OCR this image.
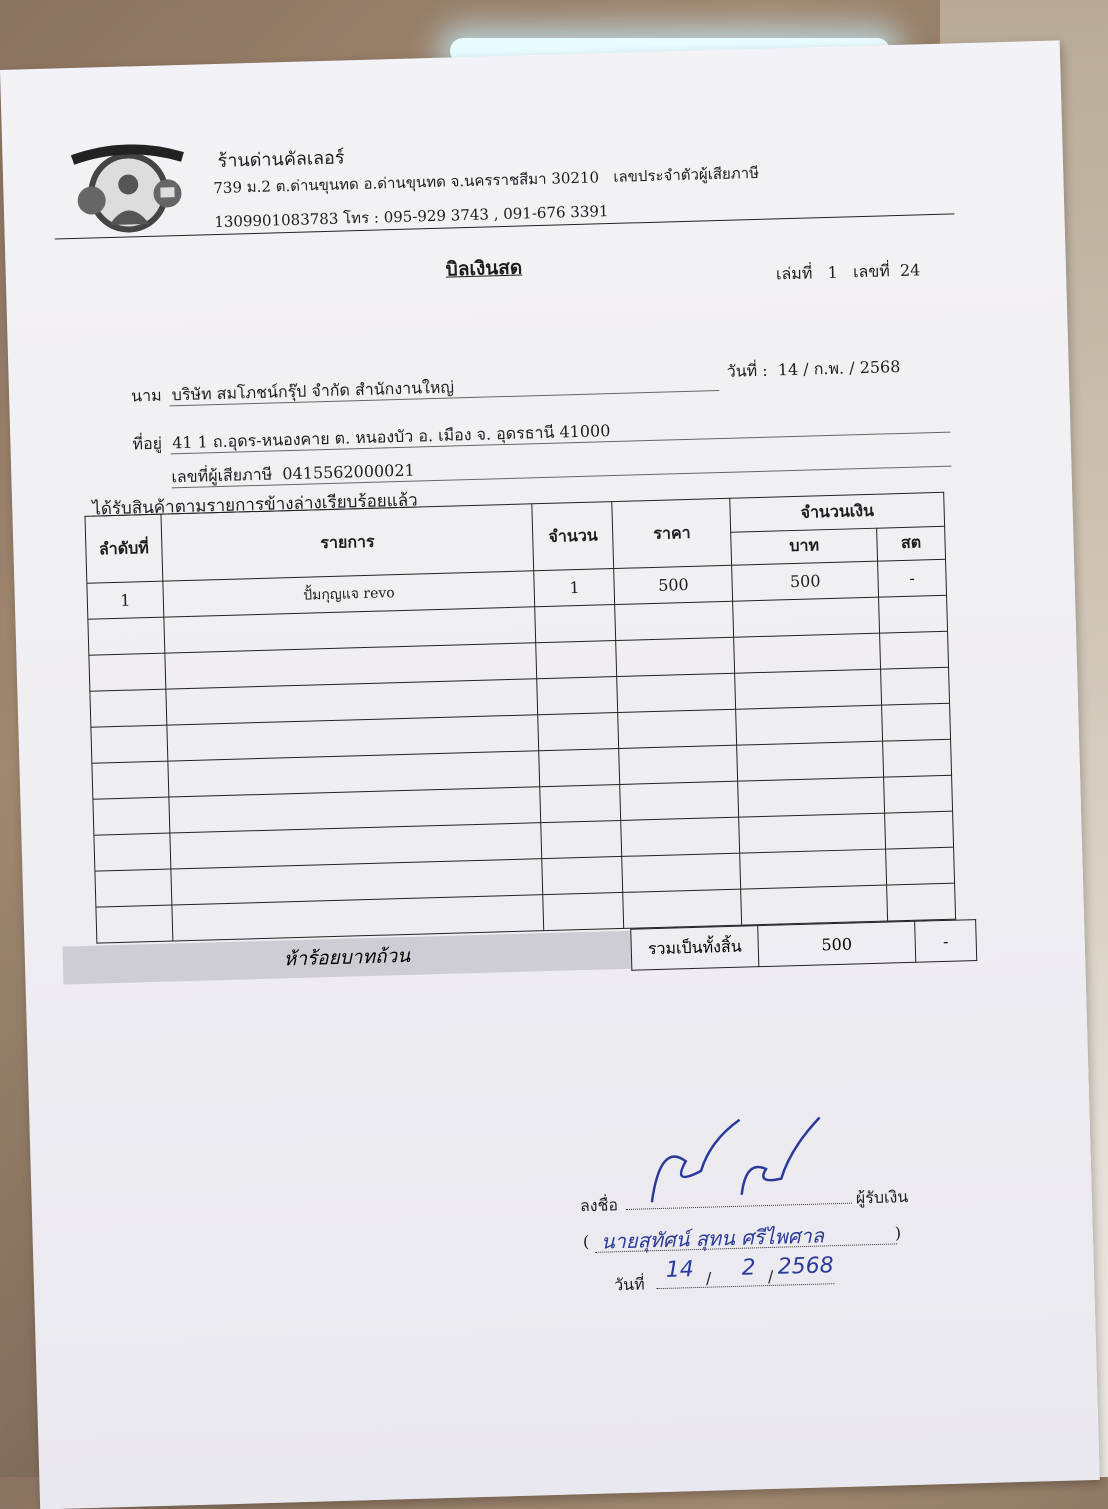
ร้านด่านคัลเลอร์
739 ม.2 ต.ด่านขุนทด อ.ด่านขุนทด จ.นครราชสีมา 30210 เลขประจำตัวผู้เสียภาษี
1309901083783 โทร : 095-929 3743 , 091-676 3391
บิลเงินสด	เล่มที่ 1 เลขที่ 24
นาม บริษัท สมโภชน์กรุ๊ป จำกัด สำนักงานใหญ่
วันที่ : 14 / ก.พ. / 2568
ที่อยู่ 41 1 ถ.อุดร-หนองคาย ต. หนองบัว อ. เมือง จ. อุดรธานี 41000
เลขที่ผู้เสียภาษี 0415562000021
ได้รับสินค้าตามรายการข้างล่างเรียบร้อยแล้ว
ลำดับที่	รายการ	จำนวน	ราคา	จำนวนเงิน	
				บาท	สต
1	ปั้มกุญแจ revo	1	500	500	-

ห้าร้อยบาทถ้วน	รวมเป็นทั้งสิ้น	500	-
ลงชื่อ	ผู้รับเงิน
( นายสุทัศน์ สุทน ศรีไพศาล	)
วันที่
14 / 2 / 2568
